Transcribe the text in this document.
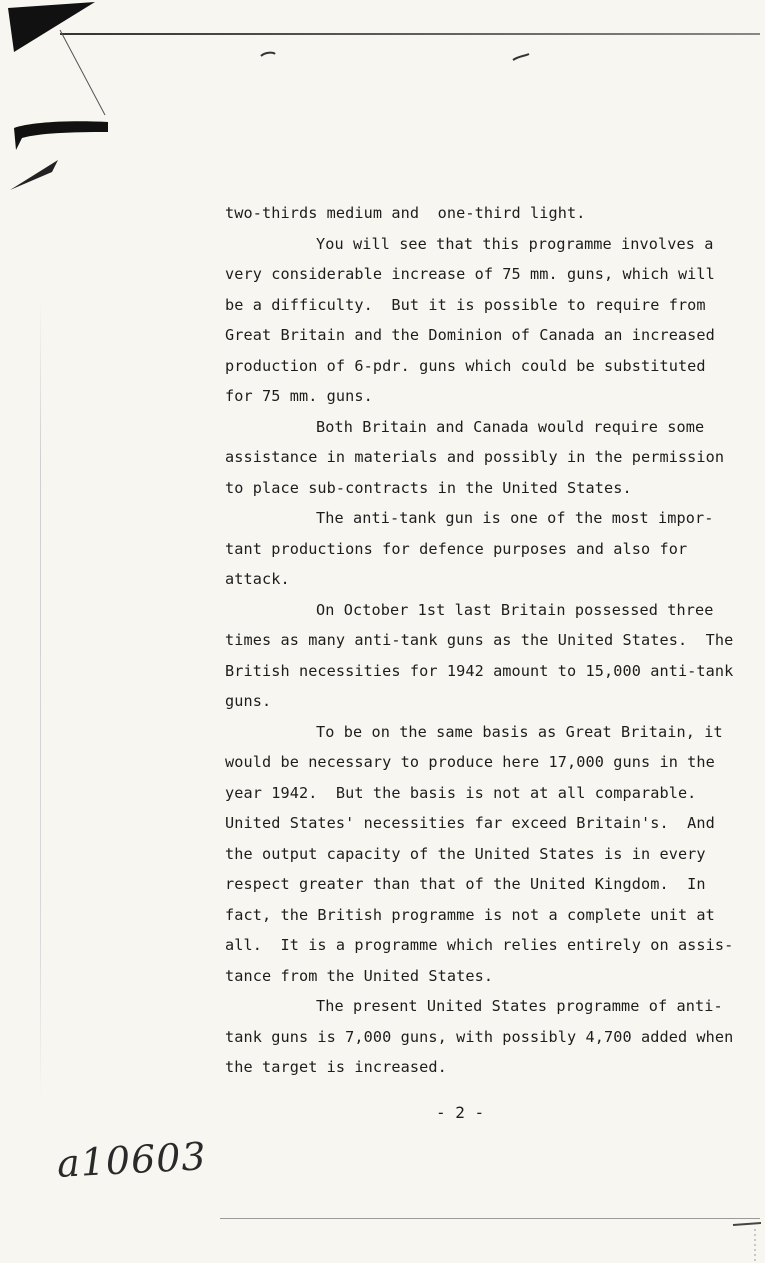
two-thirds medium and  one-third light.
You will see that this programme involves a
very considerable increase of 75 mm. guns, which will
be a difficulty.  But it is possible to require from
Great Britain and the Dominion of Canada an increased
production of 6-pdr. guns which could be substituted
for 75 mm. guns.
Both Britain and Canada would require some
assistance in materials and possibly in the permission
to place sub-contracts in the United States.
The anti-tank gun is one of the most impor-
tant productions for defence purposes and also for
attack.
On October 1st last Britain possessed three
times as many anti-tank guns as the United States.  The
British necessities for 1942 amount to 15,000 anti-tank
guns.
To be on the same basis as Great Britain, it
would be necessary to produce here 17,000 guns in the
year 1942.  But the basis is not at all comparable.
United States' necessities far exceed Britain's.  And
the output capacity of the United States is in every
respect greater than that of the United Kingdom.  In
fact, the British programme is not a complete unit at
all.  It is a programme which relies entirely on assis-
tance from the United States.
The present United States programme of anti-
tank guns is 7,000 guns, with possibly 4,700 added when
the target is increased.
- 2 -
a10603
